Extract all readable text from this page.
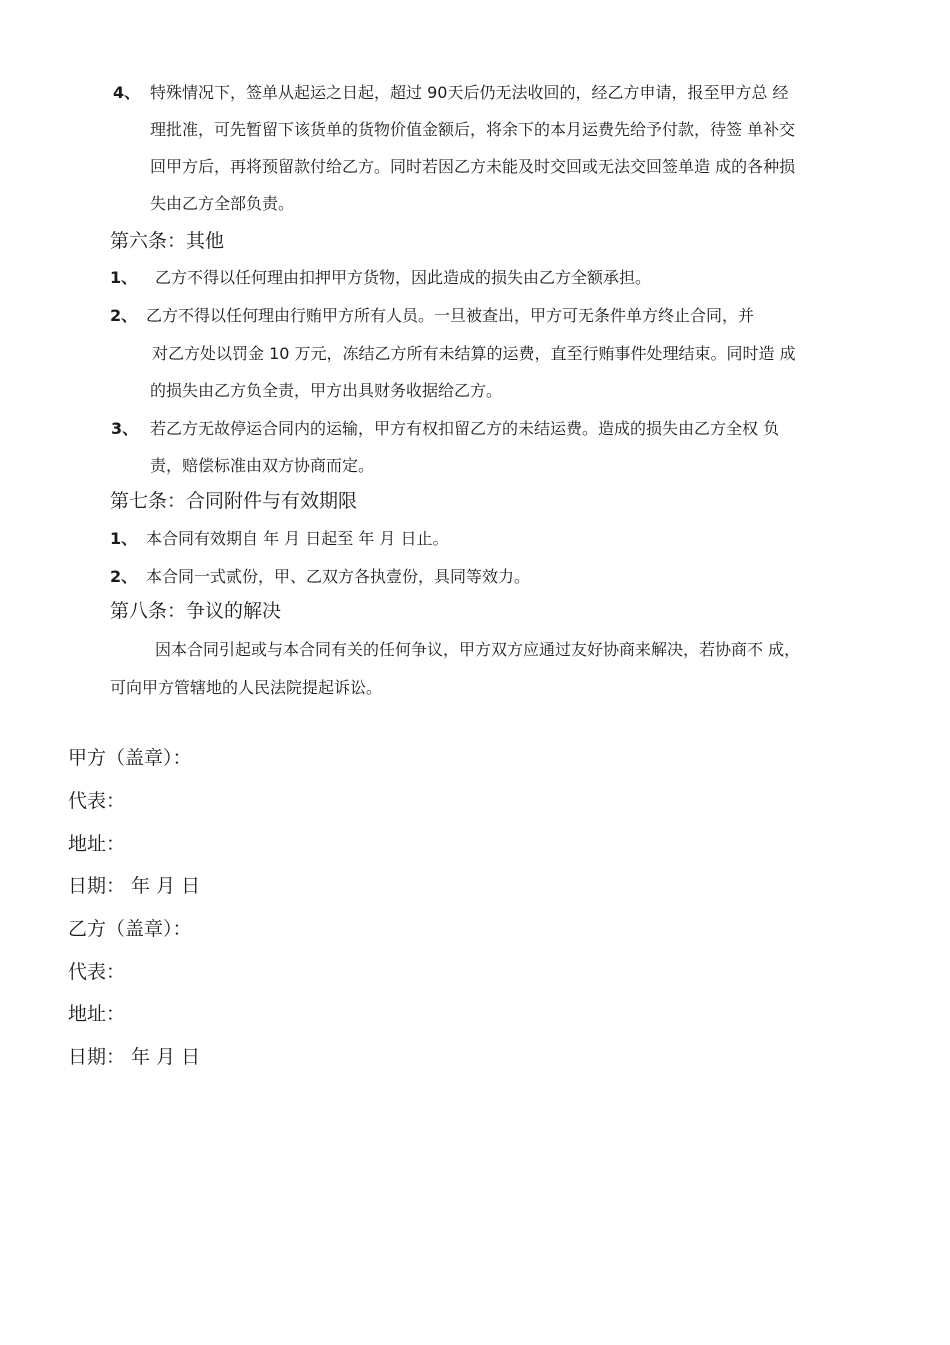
4、 特殊情况下，签单从起运之日起，超过 90天后仍无法收回的，经乙方申请，报至甲方总 经
理批准，可先暂留下该货单的货物价值金额后，将余下的本月运费先给予付款，待签 单补交
回甲方后，再将预留款付给乙方。同时若因乙方未能及时交回或无法交回签单造 成的各种损
失由乙方全部负责。
第六条：其他
1、 乙方不得以任何理由扣押甲方货物，因此造成的损失由乙方全额承担。
2、 乙方不得以任何理由行贿甲方所有人员。一旦被查出，甲方可无条件单方终止合同，并
对乙方处以罚金 10 万元，冻结乙方所有未结算的运费，直至行贿事件处理结束。同时造 成
的损失由乙方负全责，甲方出具财务收据给乙方。
3、 若乙方无故停运合同内的运输，甲方有权扣留乙方的未结运费。造成的损失由乙方全权 负
责，赔偿标准由双方协商而定。
第七条：合同附件与有效期限
1、 本合同有效期自 年 月 日起至 年 月 日止。
2、 本合同一式贰份，甲、乙双方各执壹份，具同等效力。
第八条：争议的解决
因本合同引起或与本合同有关的任何争议，甲方双方应通过友好协商来解决，若协商不 成，
可向甲方管辖地的人民法院提起诉讼。
甲方（盖章）：
代表：
地址：
日期： 年 月 日
乙方（盖章）：
代表：
地址：
日期： 年 月 日
